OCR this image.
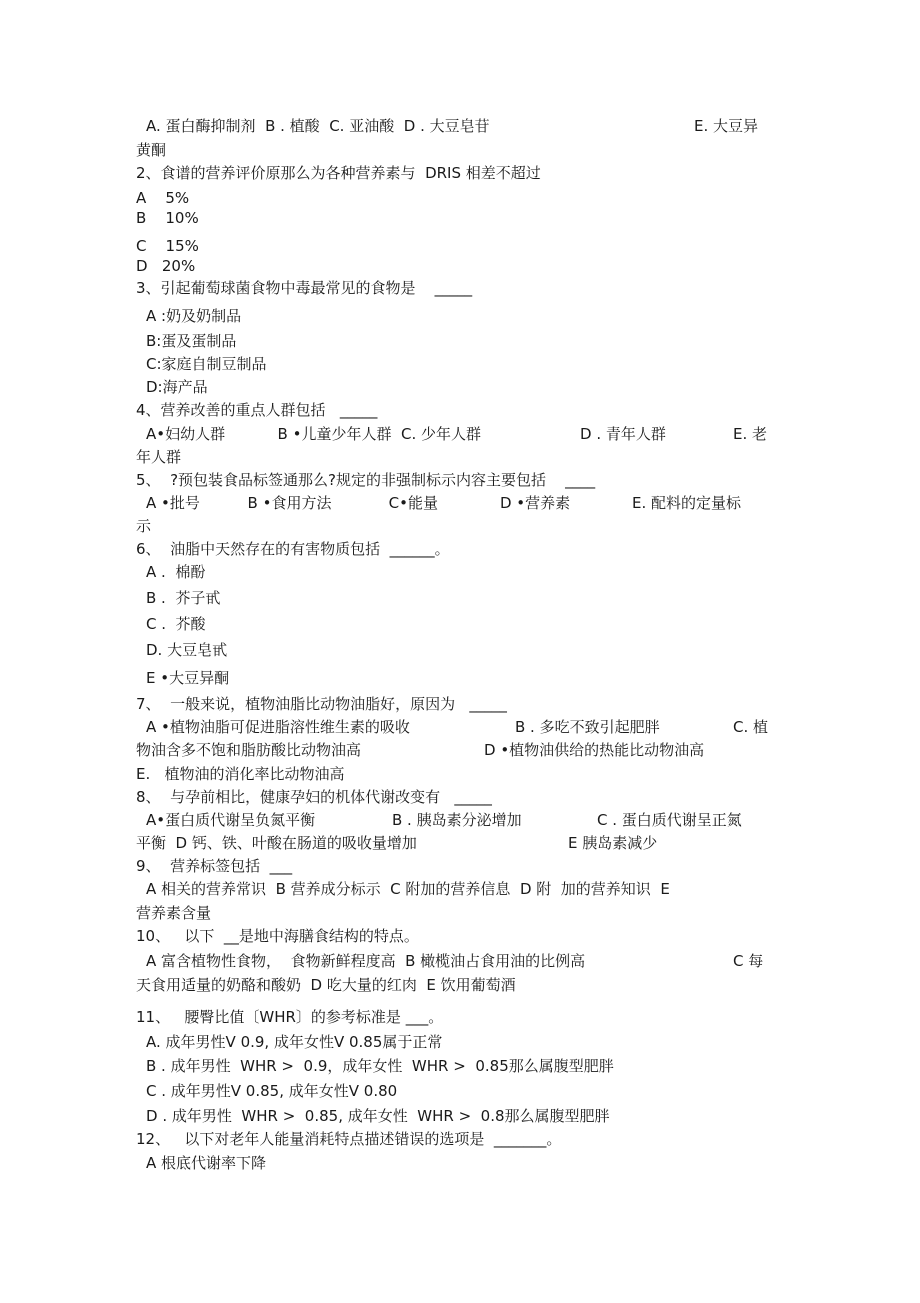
A. 蛋白酶抑制剂  B . 植酸  C. 亚油酸  D . 大豆皂苷	E. 大豆异
黄酮
2、食谱的营养评价原那么为各种营养素与  DRIS 相差不超过
A    5%
B    10%
C    15%
D   20%
3、引起葡萄球菌食物中毒最常见的食物是    _____
A :奶及奶制品
B:蛋及蛋制品
C:家庭自制豆制品
D:海产品
4、营养改善的重点人群包括   _____
A•妇幼人群           B •儿童少年人群  C. 少年人群	D . 青年人群	E. 老
年人群
5、  ?预包装食品标签通那么?规定的非强制标示内容主要包括    ____
A •批号          B •食用方法            C•能量             D •营养素	E. 配料的定量标
示
6、  油脂中天然存在的有害物质包括  ______。
A .  棉酚
B .  芥子甙
C .  芥酸
D. 大豆皂甙
E •大豆异酮
7、  一般来说，植物油脂比动物油脂好，原因为   _____
A •植物油脂可促进脂溶性维生素的吸收	B . 多吃不致引起肥胖	C. 植
物油含多不饱和脂肪酸比动物油高	D •植物油供给的热能比动物油高
E.   植物油的消化率比动物油高
8、  与孕前相比，健康孕妇的机体代谢改变有   _____
A•蛋白质代谢呈负氮平衡	B . 胰岛素分泌增加	C . 蛋白质代谢呈正氮
平衡  D 钙、铁、叶酸在肠道的吸收量增加	E 胰岛素减少
9、  营养标签包括  ___
A 相关的营养常识  B 营养成分标示  C 附加的营养信息  D 附  加的营养知识  E
营养素含量
10、   以下  __是地中海膳食结构的特点。
A 富含植物性食物，  食物新鲜程度高  B 橄榄油占食用油的比例高	C 每
天食用适量的奶酪和酸奶  D 吃大量的红肉  E 饮用葡萄酒
11、   腰臀比值〔WHR〕的参考标准是 ___。
A. 成年男性V 0.9, 成年女性V 0.85属于正常
B . 成年男性  WHR >  0.9，成年女性  WHR >  0.85那么属腹型肥胖
C . 成年男性V 0.85, 成年女性V 0.80
D . 成年男性  WHR >  0.85, 成年女性  WHR >  0.8那么属腹型肥胖
12、   以下对老年人能量消耗特点描述错误的选项是  _______。
A 根底代谢率下降
